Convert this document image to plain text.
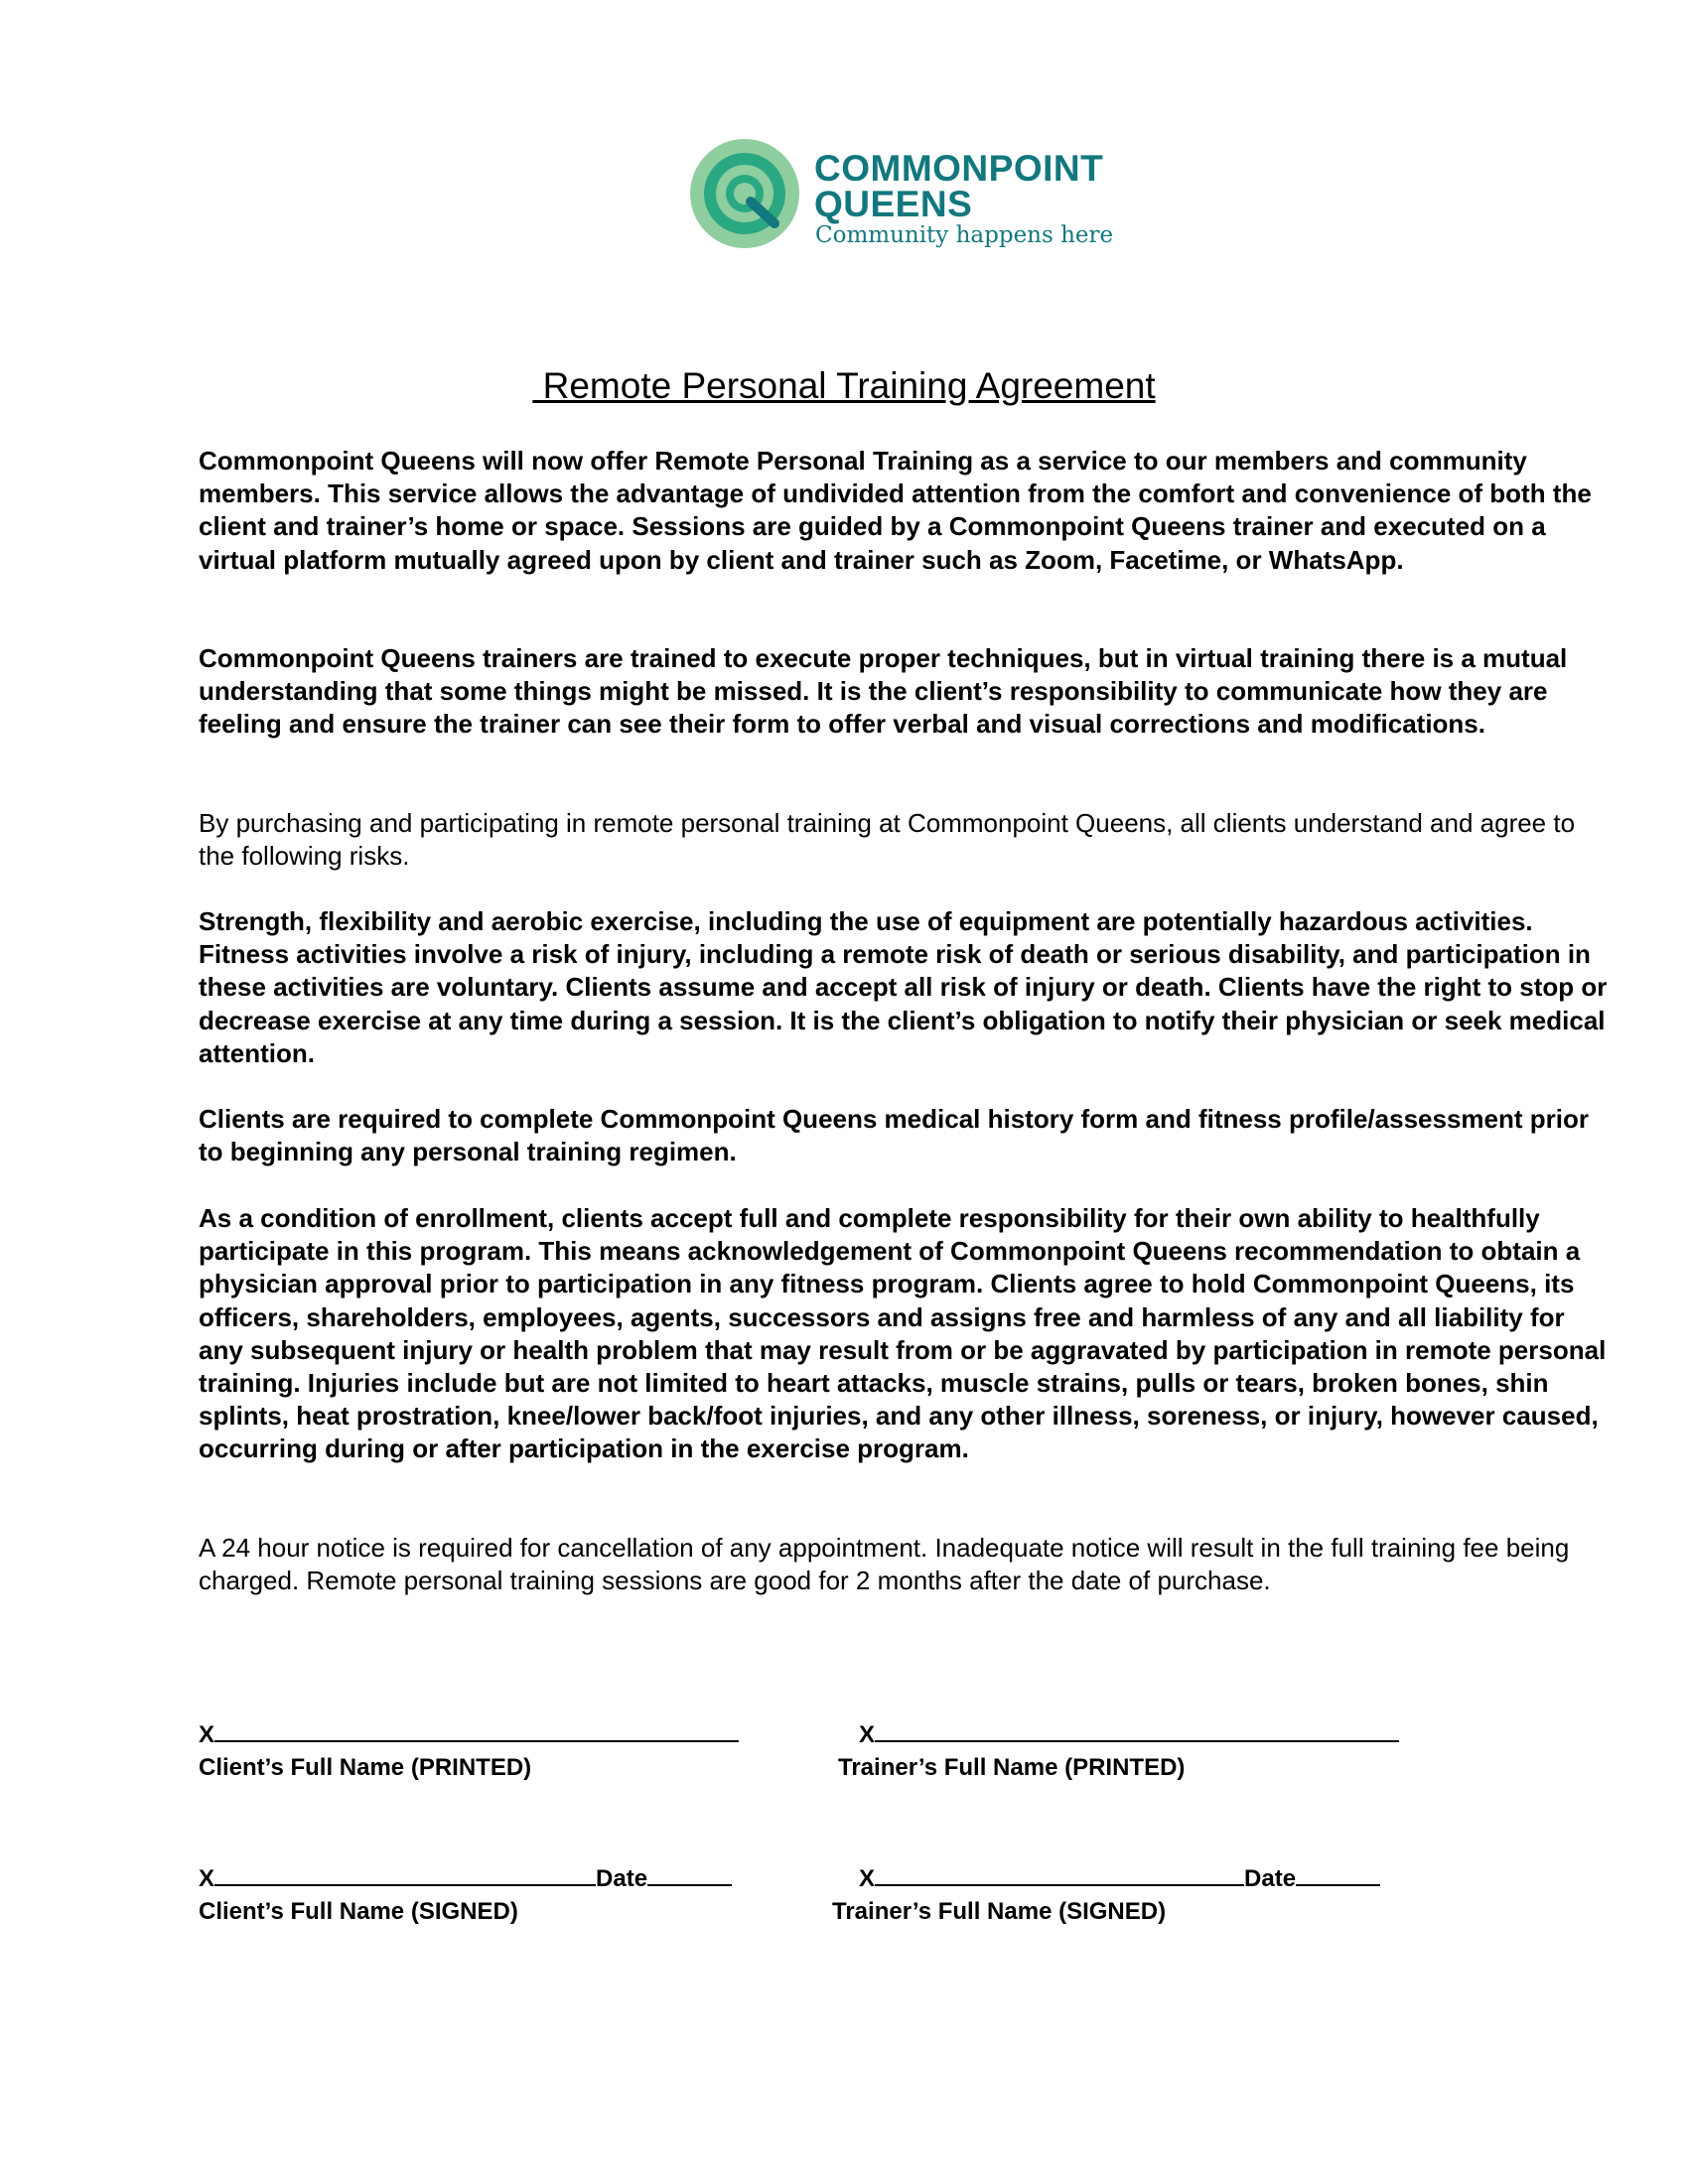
COMMONPOINT
QUEENS
Community happens here
Remote Personal Training Agreement

Commonpoint Queens will now offer Remote Personal Training as a service to our members and community members. This service allows the advantage of undivided attention from the comfort and convenience of both the client and trainer’s home or space. Sessions are guided by a Commonpoint Queens trainer and executed on a virtual platform mutually agreed upon by client and trainer such as Zoom, Facetime, or WhatsApp.

Commonpoint Queens trainers are trained to execute proper techniques, but in virtual training there is a mutual understanding that some things might be missed. It is the client’s responsibility to communicate how they are feeling and ensure the trainer can see their form to offer verbal and visual corrections and modifications.

By purchasing and participating in remote personal training at Commonpoint Queens, all clients understand and agree to the following risks.

Strength, flexibility and aerobic exercise, including the use of equipment are potentially hazardous activities. Fitness activities involve a risk of injury, including a remote risk of death or serious disability, and participation in these activities are voluntary. Clients assume and accept all risk of injury or death. Clients have the right to stop or decrease exercise at any time during a session. It is the client’s obligation to notify their physician or seek medical attention.

Clients are required to complete Commonpoint Queens medical history form and fitness profile/assessment prior to beginning any personal training regimen.

As a condition of enrollment, clients accept full and complete responsibility for their own ability to healthfully participate in this program. This means acknowledgement of Commonpoint Queens recommendation to obtain a physician approval prior to participation in any fitness program. Clients agree to hold Commonpoint Queens, its officers, shareholders, employees, agents, successors and assigns free and harmless of any and all liability for any subsequent injury or health problem that may result from or be aggravated by participation in remote personal training. Injuries include but are not limited to heart attacks, muscle strains, pulls or tears, broken bones, shin splints, heat prostration, knee/lower back/foot injuries, and any other illness, soreness, or injury, however caused, occurring during or after participation in the exercise program.

A 24 hour notice is required for cancellation of any appointment. Inadequate notice will result in the full training fee being charged. Remote personal training sessions are good for 2 months after the date of purchase.

X
Client’s Full Name (PRINTED)
X
Trainer’s Full Name (PRINTED)
X	Date
Client’s Full Name (SIGNED)
X	Date
Trainer’s Full Name (SIGNED)
